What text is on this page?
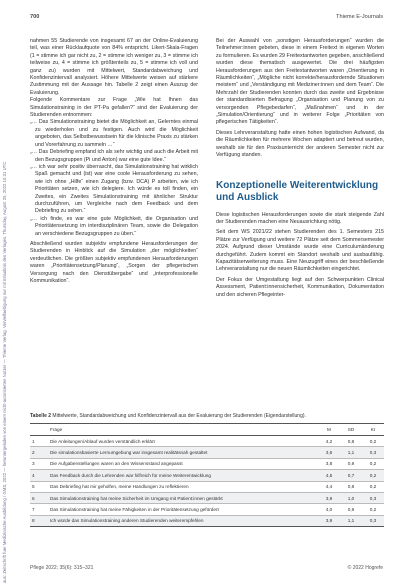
aus: Zeitschrift fuer Medizinische Ausbildung / GMS, 2022 — heruntergeladen von einem nicht-autorisierten Nutzer — Thieme Verlag. Vervielfaeltigung nur mit Erlaubnis des Verlages. Thursday, August 25, 2022 10:31 UTC
700	Thieme E-Journals

nahmen 55 Studierende von insgesamt 67 an der Online-Evaluierung teil, was einer Rücklaufquote von 84% entspricht. Likert-Skala-Fragen (1 = stimme ich gar nicht zu, 2 = stimme ich weniger zu, 3 = stimme ich teilweise zu, 4 = stimme ich größtenteils zu, 5 = stimme ich voll und ganz zu) wurden mit Mittelwert, Standardabweichung und Konfidenzintervall analysiert. Höhere Mittelwerte weisen auf stärkere Zustimmung mit der Aussage hin. Tabelle 2 zeigt einen Auszug der Evaluierung.

Folgende Kommentare zur Frage „Wie hat Ihnen das Simulationstraining in der PT-Pa gefallen?“ sind der Evaluierung der Studierenden entnommen:

„… Das Simulationstraining bietet die Möglichkeit an, Gelerntes einmal zu wiederholen und zu festigen. Auch wird die Möglichkeit angeboten, das Selbstbewusstsein für die klinische Praxis zu stärken und Vorerfahrung zu sammeln …“
„… Das Debriefing empfand ich als sehr wichtig und auch die Arbeit mit den Bezugsgruppen (Pi und Anton) war eine gute Idee.“
„… ich war sehr positiv überrascht, das Simulationstraining hat wirklich Spaß gemacht und (ist) war eine coole Herausforderung zu sehen, wie ich ohne „Hilfe“ einen Zugang (bzw. DCA) P arbeiten, wie ich Prioritäten setzen, wie ich delegiere. Ich würde es toll finden, ein Zweites, ein Zweites Simulationstraining mit ähnlicher Struktur durchzuführen, um Vergleiche nach dem Feedback und dem Debriefing zu sehen.“
„… ich finde, es war eine gute Möglichkeit, die Organisation und Prioritätensetzung im interdisziplinären Team, sowie die Delegation an verschiedene Bezugsgruppen zu üben.“

Abschließend wurden subjektiv empfundene Herausforderungen der Studierenden in Hinblick auf die Simulation „der möglichkeiten“ verdeutlichen. Die größten subjektiv empfundenen Herausforderungen waren „Prioritätensetzung/Planung“, „Sorgen der pflegerischen Versorgung nach den Dienstübergabe“ und „interprofessionelle Kommunikation“.

Bei der Auswahl von „sonstigen Herausforderungen“ wurden die Teilnehmer:innen gebeten, diese in einem Freitext in eigenen Worten zu formulieren. Es wurden 29 Freitextantworten gegeben, anschließend wurden diese thematisch ausgewertet. Die drei häufigsten Herausforderungen aus den Freitextantworten waren „Orientierung in Räumlichkeiten“, „Mögliche nicht korrekte/herausfordernde Situationen meistern“ und „Verständigung mit Mediziner:innen und dem Team“. Die Mehrzahl der Studierenden konnten durch das zweite und Ergebnisse der standardisierten Befragung „Organisation und Planung von zu versorgenden Pflegebedarfen“, „Maßnahmen“ und in der „Simulation/Orientierung“ und in weiterer Folge „Prioritäten von pflegerischen Tätigkeiten“.

Dieses Lehrveranstaltung hatte einen hohen logistischen Aufwand, da die Räumlichkeiten für mehrere Wochen adaptiert und betreut wurden, weshalb sie für den Praxisunterricht der anderen Semester nicht zur Verfügung standen.

Konzeptionelle Weiterentwicklung und Ausblick

Diese logistischen Herausforderungen sowie die stark steigende Zahl der Studierenden machen eine Neuausrichtung nötig.

Seit dem WS 2021/22 stehen Studierenden des 1. Semesters 215 Plätze zur Verfügung und weitere 72 Plätze seit dem Sommersemester 2024. Aufgrund dieser Umstände wurde eine Curriculumänderung durchgeführt. Zudem kommt ein Standort weshalb und ausbaufähig. Kapazitätserweiterung muss. Eine Neuzugriff eines der beschließende Lehrveranstaltung nur die neuen Räumlichkeiten eingerichtet.

Der Fokus der Umgestaltung liegt auf den Schwerpunkten Clinical Assessment, Patient:innensicherheit, Kommunikation, Dokumentation und den sicheren Pflegeinter-

Tabelle 2 Mittelwerte, Standardabweichung und Konfidenzintervall aus der Evaluierung der Studierenden (Eigendarstellung).
	Frage	M	SD	KI
1	Die Anleitungen/Ablauf wurden verständlich erklärt	4,2	0,8	0,2
2	Die simulationsbasierte Lernumgebung war insgesamt realitätsnah gestaltet	3,6	1,1	0,3
3	Die Aufgabenstellungen waren an den Wissensstand angepasst	3,8	0,9	0,2
4	Das Feedback durch die Lehrenden war hilfreich für meine Weiterentwicklung	4,5	0,7	0,2
5	Das Debriefing hat mir geholfen, meine Handlungen zu reflektieren	4,4	0,8	0,2
6	Das Simulationstraining hat meine Sicherheit im Umgang mit Patient:innen gestärkt	3,9	1,0	0,3
7	Das Simulationstraining hat meine Fähigkeiten in der Prioritätensetzung gefördert	4,0	0,9	0,2
8	Ich würde das Simulationstraining anderen Studierenden weiterempfehlen	3,9	1,1	0,3
Pflege 2022; 35(6): 315–321	© 2022 Hogrefe
